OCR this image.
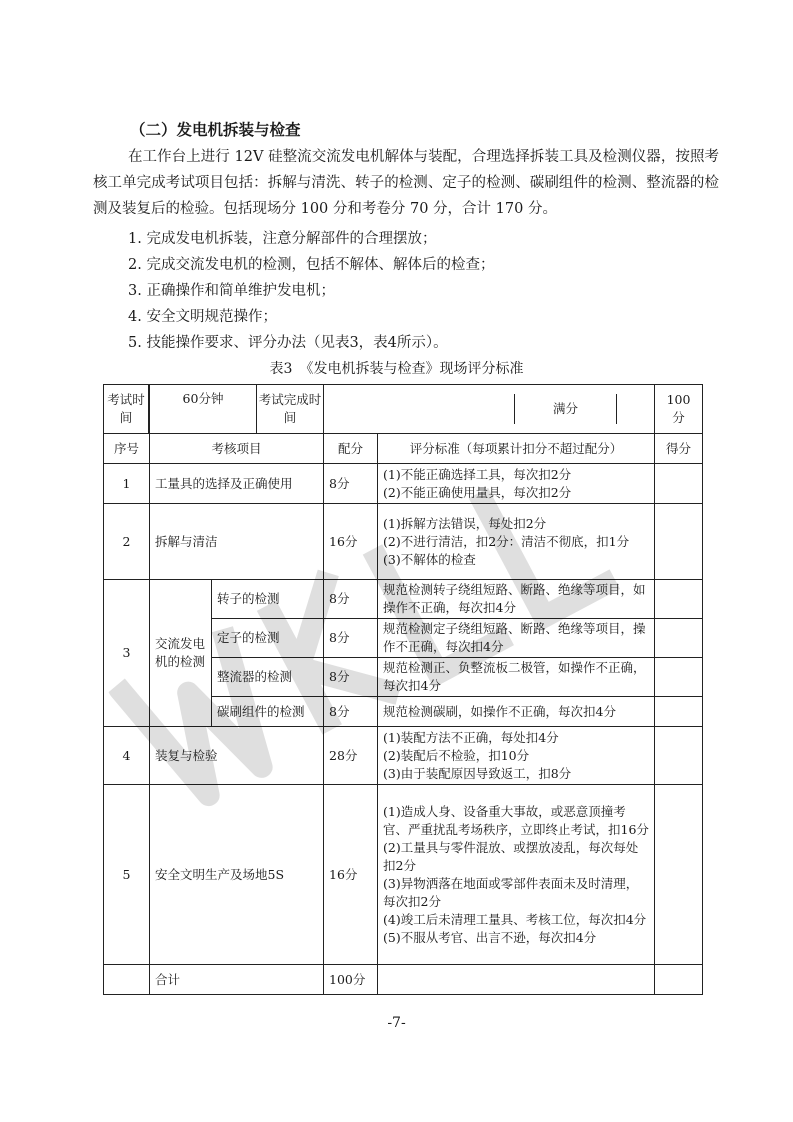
（二）发电机拆装与检查
在工作台上进行 12V 硅整流交流发电机解体与装配，合理选择拆装工具及检测仪器，按照考核工单完成考试项目包括：拆解与清洗、转子的检测、定子的检测、碳刷组件的检测、整流器的检测及装复后的检验。包括现场分 100 分和考卷分 70 分，合计 170 分。
1. 完成发电机拆装，注意分解部件的合理摆放；
2. 完成交流发电机的检测，包括不解体、解体后的检查；
3. 正确操作和简单维护发电机；
4. 安全文明规范操作；
5. 技能操作要求、评分办法（见表3，表4所示）。
表3　《发电机拆装与检查》现场评分标准
考试时间	60分钟 考试完成时间		满分		100 分
序号	考核项目		配分	评分标准（每项累计扣分不超过配分）	得分
1	工量具的选择及正确使用		8分	(1)不能正确选择工具，每次扣2分
(2)不能正确使用量具，每次扣2分	

2	拆解与清洁		16分	(1)拆解方法错误，每处扣2分
(2)不进行清洁，扣2分：清洁不彻底，扣1分
(3)不解体的检查	

3	交流发电机的检测	转子的检测	8分	规范检测转子绕组短路、断路、绝缘等项目，如操作不正确，每次扣4分	
		定子的检测	8分	规范检测定子绕组短路、断路、绝缘等项目，操作不正确，每次扣4分	
		整流器的检测	8分	规范检测正、负整流板二极管，如操作不正确，每次扣4分	
		碳刷组件的检测	8分	规范检测碳刷，如操作不正确，每次扣4分	
4	装复与检验		28分	(1)装配方法不正确，每处扣4分
(2)装配后不检验，扣10分
(3)由于装配原因导致返工，扣8分	

5	安全文明生产及场地5S		16分	(1)造成人身、设备重大事故，或恶意顶撞考官、严重扰乱考场秩序，立即终止考试，扣16分
(2)工量具与零件混放、或摆放凌乱，每次每处扣2分
(3)异物洒落在地面或零部件表面未及时清理，每次扣2分
(4)竣工后未清理工量具、考核工位，每次扣4分
(5)不服从考官、出言不逊，每次扣4分	

	合计		100分		
-7-
